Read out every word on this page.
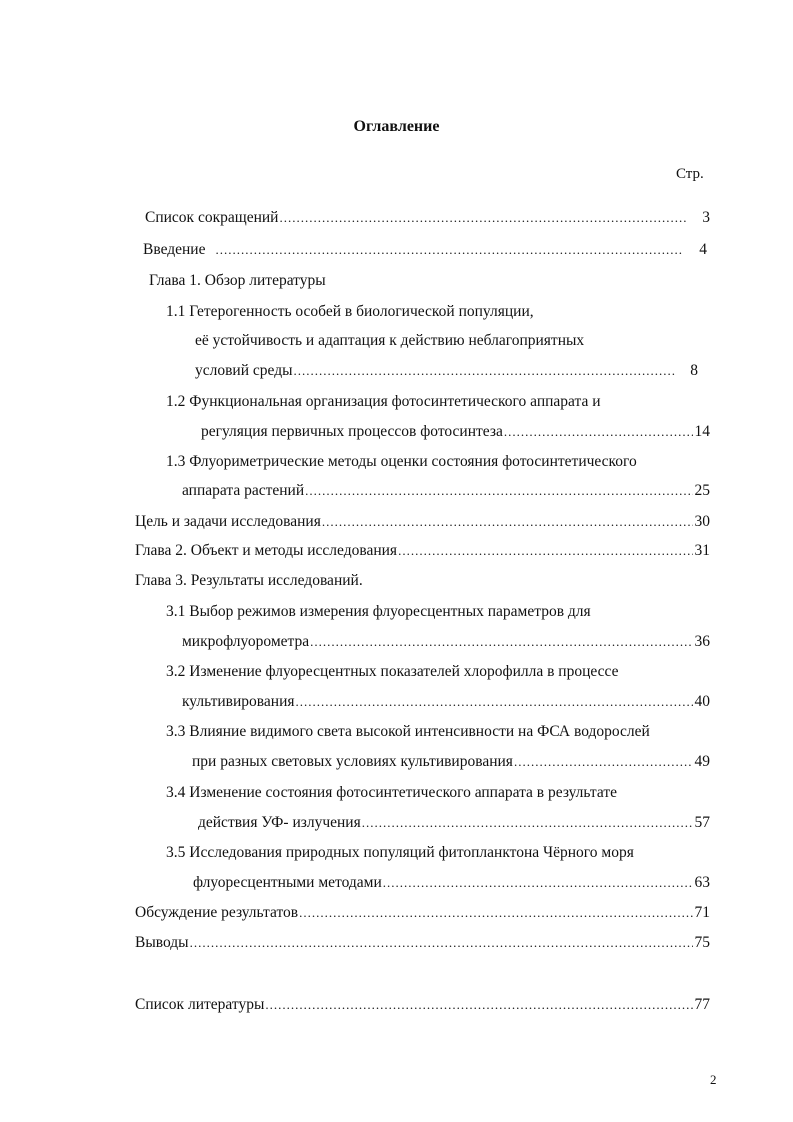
Оглавление
Стр.
Список сокращений .....	3
Введение .....	4
Глава 1. Обзор литературы
1.1 Гетерогенность особей в биологической популяции,
её устойчивость и адаптация к действию неблагоприятных
условий среды .....	8
1.2 Функциональная организация фотосинтетического аппарата и
регуляция первичных процессов фотосинтеза .....	14
1.3 Флуориметрические методы оценки состояния фотосинтетического
аппарата растений .....	25
Цель и задачи исследования .....	30
Глава 2. Объект и методы исследования .....	31
Глава 3. Результаты исследований.
3.1 Выбор режимов измерения флуоресцентных параметров для
микрофлуорометра .....	36
3.2 Изменение флуоресцентных показателей хлорофилла в процессе
культивирования .....	40
3.3 Влияние видимого света высокой интенсивности на ФСА водорослей
при разных световых условиях культивирования .....	49
3.4 Изменение состояния фотосинтетического аппарата в результате
действия УФ- излучения .....	57
3.5 Исследования природных популяций фитопланктона Чёрного моря
флуоресцентными методами .....	63
Обсуждение результатов .....	71
Выводы .....	75
Список литературы .....	77
2
